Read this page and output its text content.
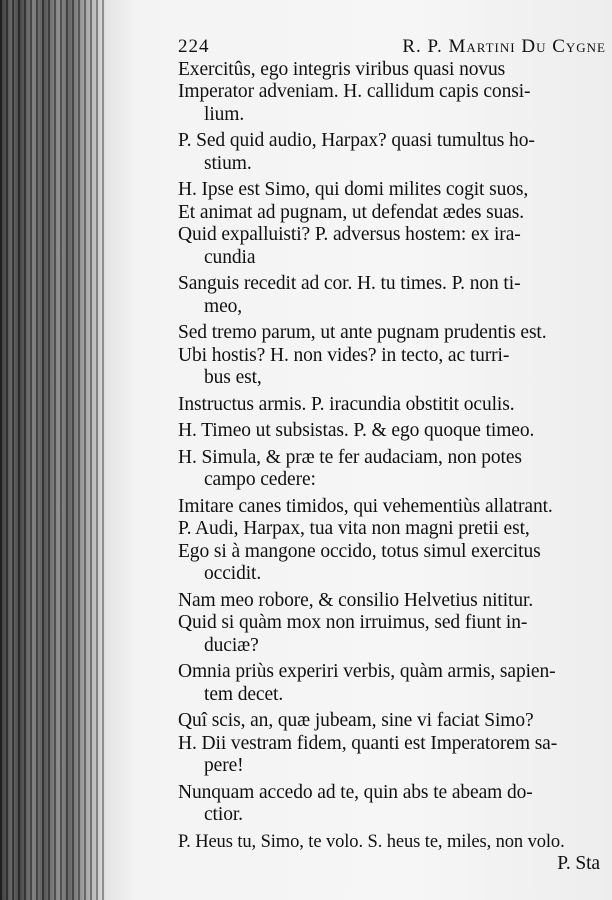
224	R. P. Martini Du Cygne
Exercitûs, ego integris viribus quasi novus
Imperator adveniam. H. callidum capis consi-
lium.
P. Sed quid audio, Harpax? quasi tumultus ho-
stium.
H. Ipse est Simo, qui domi milites cogit suos,
Et animat ad pugnam, ut defendat ædes suas.
Quid expalluisti? P. adversus hostem: ex ira-
cundia
Sanguis recedit ad cor. H. tu times. P. non ti-
meo,
Sed tremo parum, ut ante pugnam prudentis est.
Ubi hostis? H. non vides? in tecto, ac turri-
bus est,
Instructus armis. P. iracundia obstitit oculis.
H. Timeo ut subsistas. P. & ego quoque timeo.
H. Simula, & præ te fer audaciam, non potes
campo cedere:
Imitare canes timidos, qui vehementiùs allatrant.
P. Audi, Harpax, tua vita non magni pretii est,
Ego si à mangone occido, totus simul exercitus
occidit.
Nam meo robore, & consilio Helvetius nititur.
Quid si quàm mox non irruimus, sed fiunt in-
duciæ?
Omnia priùs experiri verbis, quàm armis, sapien-
tem decet.
Quî scis, an, quæ jubeam, sine vi faciat Simo?
H. Dii vestram fidem, quanti est Imperatorem sa-
pere!
Nunquam accedo ad te, quin abs te abeam do-
ctior.
P. Heus tu, Simo, te volo. S. heus te, miles, non volo.
P. Sta
